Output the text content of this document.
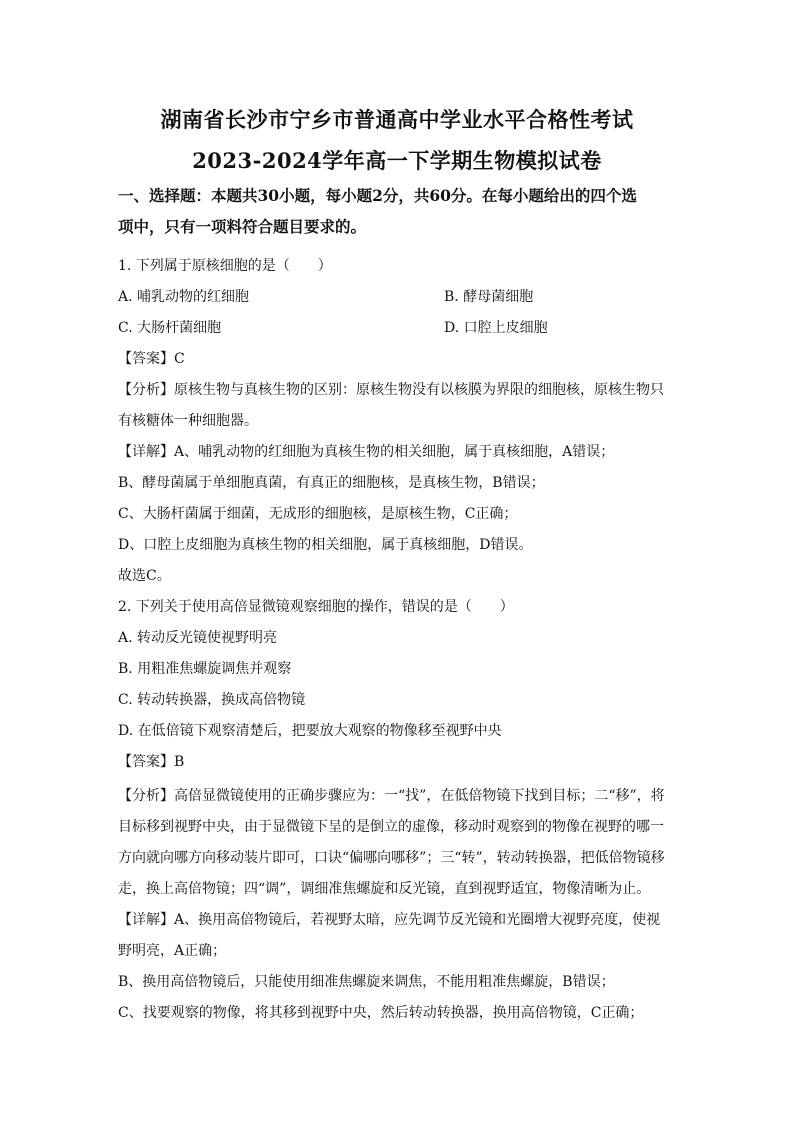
湖南省长沙市宁乡市普通高中学业水平合格性考试
2023-2024学年高一下学期生物模拟试卷
一、选择题：本题共30小题，每小题2分，共60分。在每小题给出的四个选
项中，只有一项料符合题目要求的。
1. 下列属于原核细胞的是（　　）
A. 哺乳动物的红细胞	B. 酵母菌细胞
C. 大肠杆菌细胞	D. 口腔上皮细胞
【答案】C
【分析】原核生物与真核生物的区别：原核生物没有以核膜为界限的细胞核，原核生物只
有核糖体一种细胞器。
【详解】A、哺乳动物的红细胞为真核生物的相关细胞，属于真核细胞，A错误；
B、酵母菌属于单细胞真菌，有真正的细胞核，是真核生物，B错误；
C、大肠杆菌属于细菌，无成形的细胞核，是原核生物，C正确；
D、口腔上皮细胞为真核生物的相关细胞，属于真核细胞，D错误。
故选C。
2. 下列关于使用高倍显微镜观察细胞的操作，错误的是（　　）
A. 转动反光镜使视野明亮
B. 用粗准焦螺旋调焦并观察
C. 转动转换器，换成高倍物镜
D. 在低倍镜下观察清楚后，把要放大观察的物像移至视野中央
【答案】B
【分析】高倍显微镜使用的正确步骤应为：一“找”，在低倍物镜下找到目标；二“移”，将
目标移到视野中央，由于显微镜下呈的是倒立的虚像，移动时观察到的物像在视野的哪一
方向就向哪方向移动装片即可，口诀“偏哪向哪移”；三“转”，转动转换器，把低倍物镜移
走，换上高倍物镜；四“调”，调细准焦螺旋和反光镜，直到视野适宜，物像清晰为止。
【详解】A、换用高倍物镜后，若视野太暗，应先调节反光镜和光圈增大视野亮度，使视
野明亮，A正确；
B、换用高倍物镜后，只能使用细准焦螺旋来调焦，不能用粗准焦螺旋，B错误；
C、找要观察的物像，将其移到视野中央，然后转动转换器，换用高倍物镜，C正确；
